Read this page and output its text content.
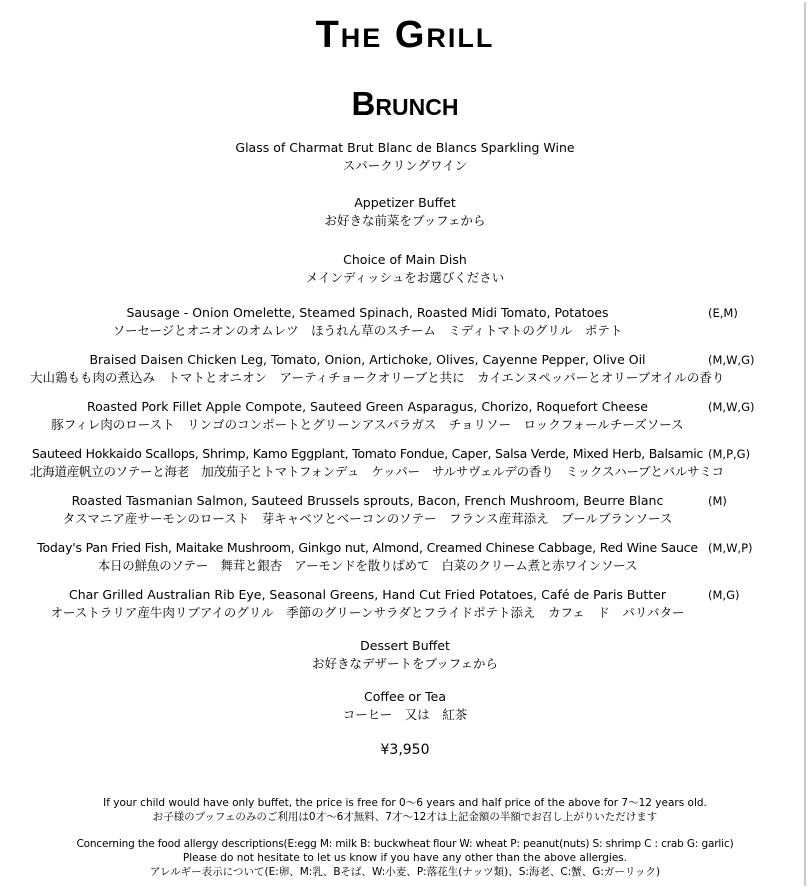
The Grill
Brunch
Glass of Charmat Brut Blanc de Blancs Sparkling Wine
スパークリングワイン
Appetizer Buffet
お好きな前菜をブッフェから
Choice of Main Dish
メインディッシュをお選びください
Sausage - Onion Omelette, Steamed Spinach, Roasted Midi Tomato, Potatoes
ソーセージとオニオンのオムレツ　ほうれん草のスチーム　ミディトマトのグリル　ポテト
(E,M)
Braised Daisen Chicken Leg, Tomato, Onion, Artichoke, Olives, Cayenne Pepper, Olive Oil
大山鶏もも肉の煮込み　トマトとオニオン　アーティチョークオリーブと共に　カイエンヌペッパーとオリーブオイルの香り
(M,W,G)
Roasted Pork Fillet Apple Compote, Sauteed Green Asparagus, Chorizo, Roquefort Cheese
豚フィレ肉のロースト　リンゴのコンポートとグリーンアスパラガス　チョリソー　ロックフォールチーズソース
(M,W,G)
Sauteed Hokkaido Scallops, Shrimp, Kamo Eggplant, Tomato Fondue, Caper, Salsa Verde, Mixed Herb, Balsamic
北海道産帆立のソテーと海老　加茂茄子とトマトフォンデュ　ケッパー　サルサヴェルデの香り　ミックスハーブとバルサミコ
(M,P,G)
Roasted Tasmanian Salmon, Sauteed Brussels sprouts, Bacon, French Mushroom, Beurre Blanc
タスマニア産サーモンのロースト　芽キャベツとベーコンのソテー　フランス産茸添え　ブールブランソース
(M)
Today's Pan Fried Fish, Maitake Mushroom, Ginkgo nut, Almond, Creamed Chinese Cabbage, Red Wine Sauce
本日の鮮魚のソテー　舞茸と銀杏　アーモンドを散りばめて　白菜のクリーム煮と赤ワインソース
(M,W,P)
Char Grilled Australian Rib Eye, Seasonal Greens, Hand Cut Fried Potatoes, Café de Paris Butter
オーストラリア産牛肉リブアイのグリル　季節のグリーンサラダとフライドポテト添え　カフェ　ド　パリバター
(M,G)
Dessert Buffet
お好きなデザートをブッフェから
Coffee or Tea
コーヒー　又は　紅茶
¥3,950
If your child would have only buffet, the price is free for 0～6 years and half price of the above for 7～12 years old.
お子様のブッフェのみのご利用は0才～6才無料、7才～12才は上記金額の半額でお召し上がりいただけます
Concerning the food allergy descriptions(E:egg M: milk B: buckwheat flour W: wheat P: peanut(nuts) S: shrimp C : crab G: garlic)
Please do not hesitate to let us know if you have any other than the above allergies.
アレルギー表示について(E:卵、M:乳、Bそば、W:小麦、P:落花生(ナッツ類)、S:海老、C:蟹、G:ガーリック)
